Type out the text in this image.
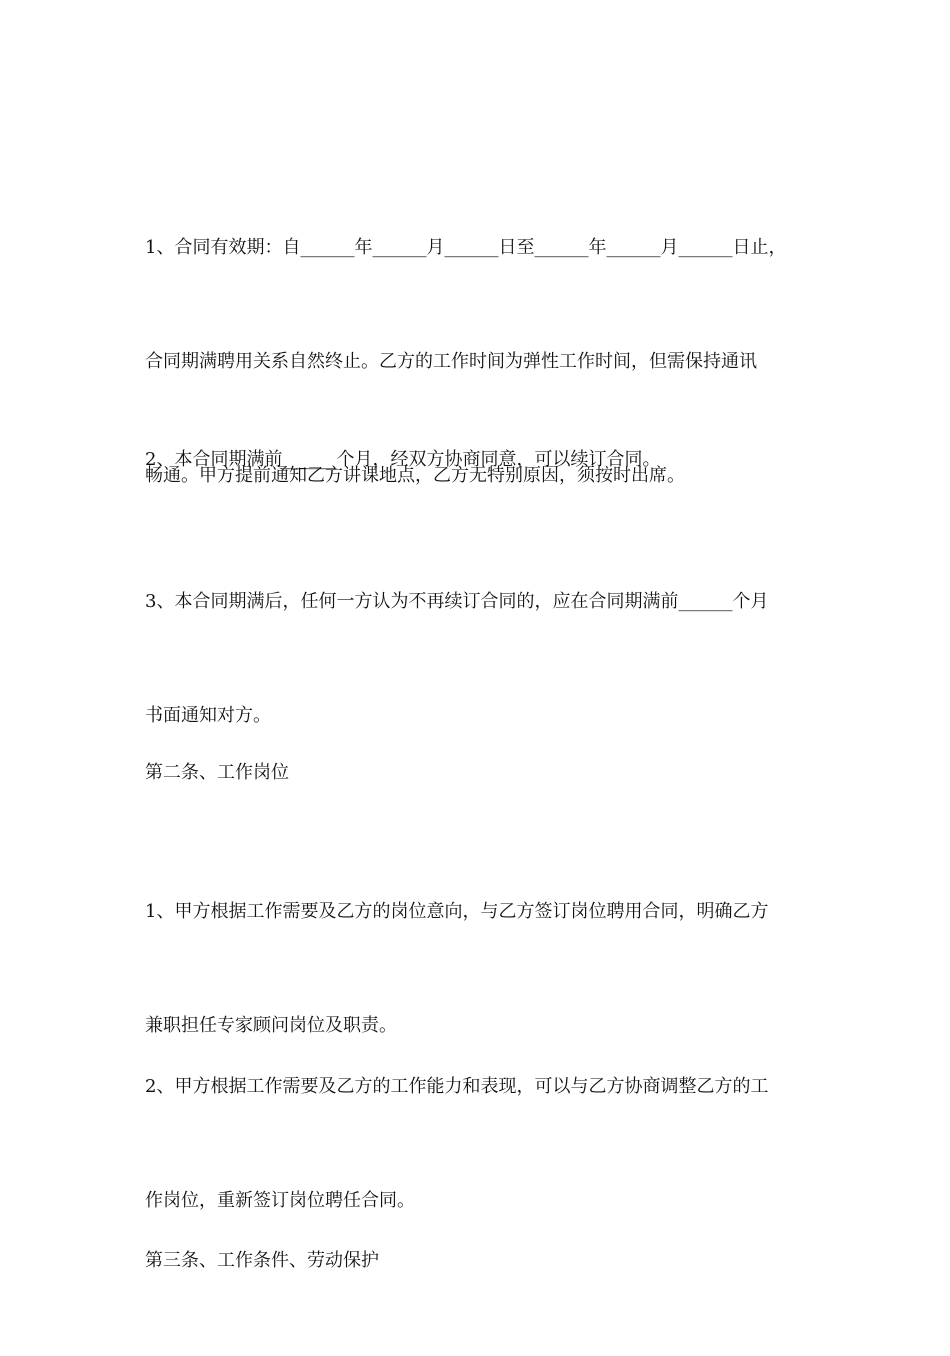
1、合同有效期：自______年______月______日至______年______月______日止，

合同期满聘用关系自然终止。乙方的工作时间为弹性工作时间，但需保持通讯

畅通。甲方提前通知乙方讲课地点，乙方无特别原因，须按时出席。

2、本合同期满前______个月，经双方协商同意，可以续订合同。

3、本合同期满后，任何一方认为不再续订合同的，应在合同期满前______个月

书面通知对方。

第二条、工作岗位

1、甲方根据工作需要及乙方的岗位意向，与乙方签订岗位聘用合同，明确乙方

兼职担任专家顾问岗位及职责。

2、甲方根据工作需要及乙方的工作能力和表现，可以与乙方协商调整乙方的工

作岗位，重新签订岗位聘任合同。

第三条、工作条件、劳动保护
